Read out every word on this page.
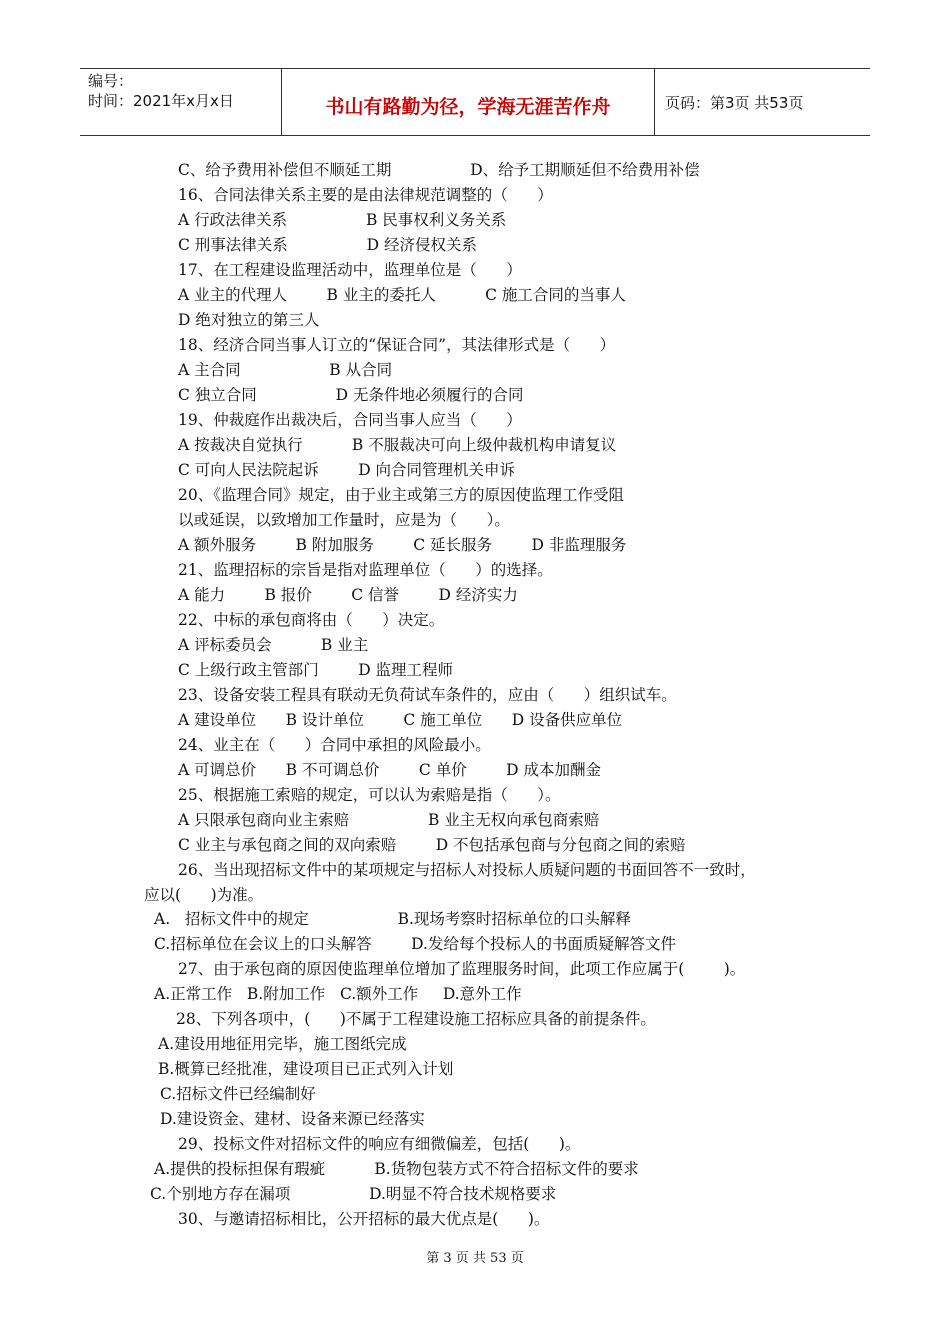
编号：
时间：2021年x月x日	书山有路勤为径，学海无涯苦作舟	页码：第3页 共53页
C、给予费用补偿但不顺延工期                D、给予工期顺延但不给费用补偿
16、合同法律关系主要的是由法律规范调整的（      ）
A 行政法律关系                B 民事权利义务关系
C 刑事法律关系                D 经济侵权关系
17、在工程建设监理活动中，监理单位是（      ）
A 业主的代理人        B 业主的委托人          C 施工合同的当事人
D 绝对独立的第三人
18、经济合同当事人订立的“保证合同”，其法律形式是（      ）
A 主合同                  B 从合同
C 独立合同                D 无条件地必须履行的合同
19、仲裁庭作出裁决后，合同当事人应当（      ）
A 按裁决自觉执行          B 不服裁决可向上级仲裁机构申请复议
C 可向人民法院起诉        D 向合同管理机关申诉
20、《监理合同》规定，由于业主或第三方的原因使监理工作受阻
以或延误，以致增加工作量时，应是为（      ）。
A 额外服务        B 附加服务        C 延长服务        D 非监理服务
21、监理招标的宗旨是指对监理单位（      ）的选择。
A 能力        B 报价        C 信誉        D 经济实力
22、中标的承包商将由（      ）决定。
A 评标委员会          B 业主
C 上级行政主管部门        D 监理工程师
23、设备安装工程具有联动无负荷试车条件的，应由（      ）组织试车。
A 建设单位      B 设计单位        C 施工单位      D 设备供应单位
24、业主在（      ）合同中承担的风险最小。
A 可调总价      B 不可调总价        C 单价        D 成本加酬金
25、根据施工索赔的规定，可以认为索赔是指（      ）。
A 只限承包商向业主索赔                B 业主无权向承包商索赔
C 业主与承包商之间的双向索赔        D 不包括承包商与分包商之间的索赔
26、当出现招标文件中的某项规定与招标人对投标人质疑问题的书面回答不一致时，
应以(      )为准。
A.   招标文件中的规定                  B.现场考察时招标单位的口头解释
C.招标单位在会议上的口头解答        D.发给每个投标人的书面质疑解答文件
27、由于承包商的原因使监理单位增加了监理服务时间，此项工作应属于(        )。
A.正常工作   B.附加工作   C.额外工作     D.意外工作
28、下列各项中，(      )不属于工程建设施工招标应具备的前提条件。
A.建设用地征用完毕，施工图纸完成
B.概算已经批准，建设项目已正式列入计划
C.招标文件已经编制好
D.建设资金、建材、设备来源已经落实
29、投标文件对招标文件的响应有细微偏差，包括(      )。
A.提供的投标担保有瑕疵          B.货物包装方式不符合招标文件的要求
C.个别地方存在漏项                D.明显不符合技术规格要求
30、与邀请招标相比，公开招标的最大优点是(      )。
第 3 页 共 53 页
